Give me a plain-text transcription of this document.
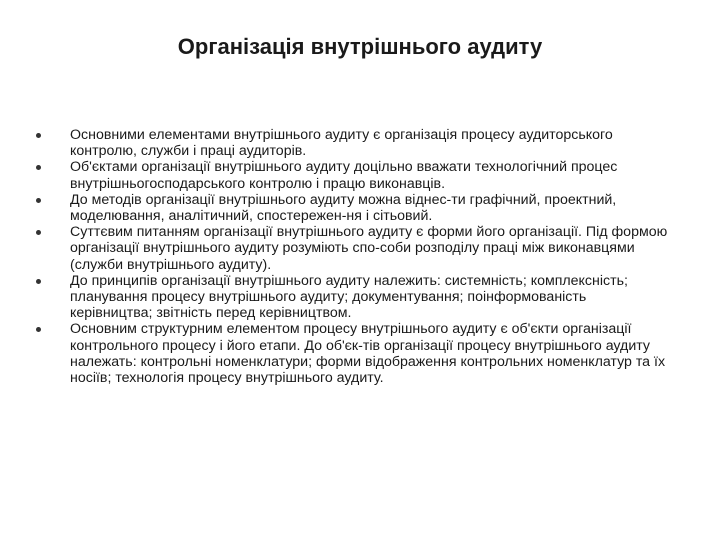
Організація внутрішнього аудиту
Основними елементами внутрішнього аудиту є організація процесу аудиторського контролю, служби і праці аудиторів.
Об'єктами організації внутрішнього аудиту доцільно вважати технологічний процес внутрішньогосподарського контролю і працю виконавців.
До методів організації внутрішнього аудиту можна віднес-ти графічний, проектний, моделювання, аналітичний, спостережен-ня і сітьовий.
Суттєвим питанням організації внутрішнього аудиту є форми його організації. Під формою організації внутрішнього аудиту розуміють спо-соби розподілу праці між виконавцями (служби внутрішнього аудиту).
До принципів організації внутрішнього аудиту належить: системність; комплексність; планування процесу внутрішнього аудиту; документування; поінформованість керівництва; звітність перед керівництвом.
Основним структурним елементом процесу внутрішнього аудиту є об'єкти організації контрольного процесу і його етапи. До об'єк-тів організації процесу внутрішнього аудиту належать: контрольні номенклатури; форми відображення контрольних номенклатур та їх носіїв; технологія процесу внутрішнього аудиту.
